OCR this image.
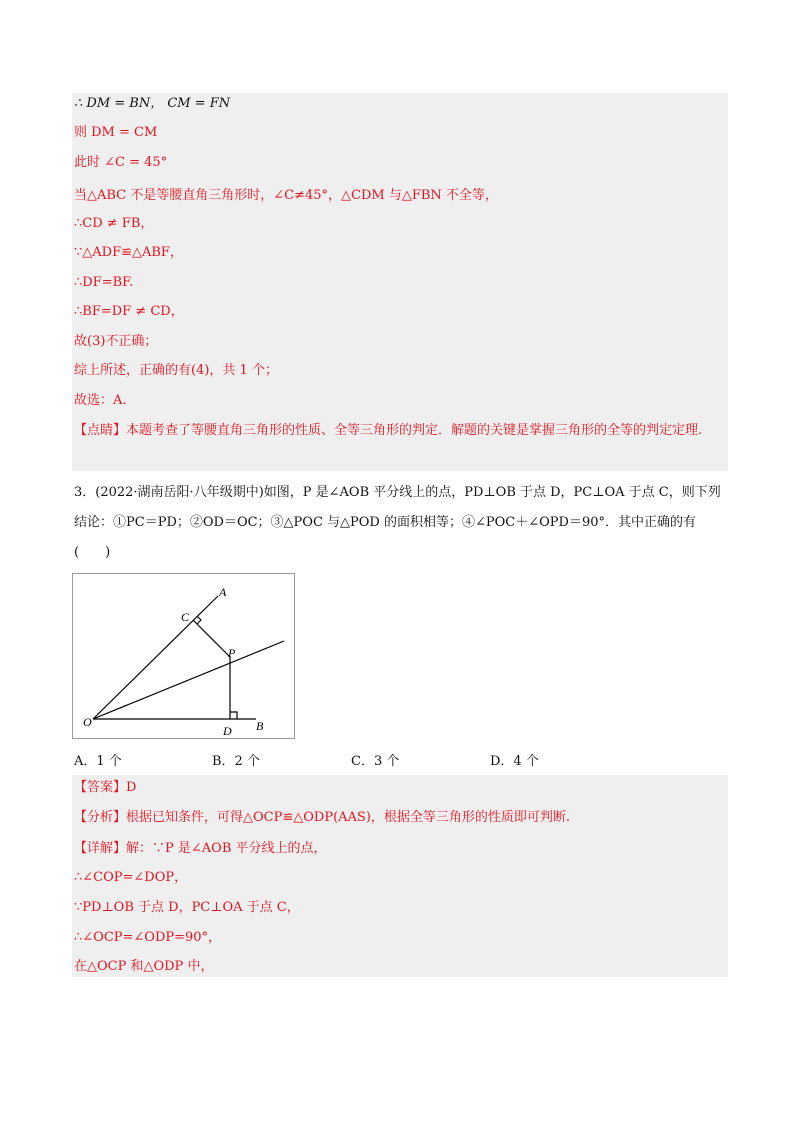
∴ DM = BN， CM = FN
则 DM = CM
此时 ∠C = 45°
当△ABC 不是等腰直角三角形时，∠C≠45°，△CDM 与△FBN 不全等，
∴CD ≠ FB，
∵△ADF≌△ABF，
∴DF=BF.
∴BF=DF ≠ CD，
故(3)不正确；
综上所述，正确的有(4)，共 1 个；
故选：A.
【点睛】本题考查了等腰直角三角形的性质、全等三角形的判定．解题的关键是掌握三角形的全等的判定定理.
3．(2022·湖南岳阳·八年级期中)如图，P 是∠AOB 平分线上的点，PD⊥OB 于点 D，PC⊥OA 于点 C，则下列结论：①PC＝PD；②OD＝OC；③△POC 与△POD 的面积相等；④∠POC＋∠OPD＝90°．其中正确的有(　　)
A
C
P
O
D B
A．1 个	B．2 个	C．3 个	D．4 个
【答案】D
【分析】根据已知条件，可得△OCP≌△ODP(AAS)，根据全等三角形的性质即可判断.
【详解】解：∵P 是∠AOB 平分线上的点，
∴∠COP=∠DOP，
∵PD⊥OB 于点 D，PC⊥OA 于点 C，
∴∠OCP=∠ODP=90°，
在△OCP 和△ODP 中，
